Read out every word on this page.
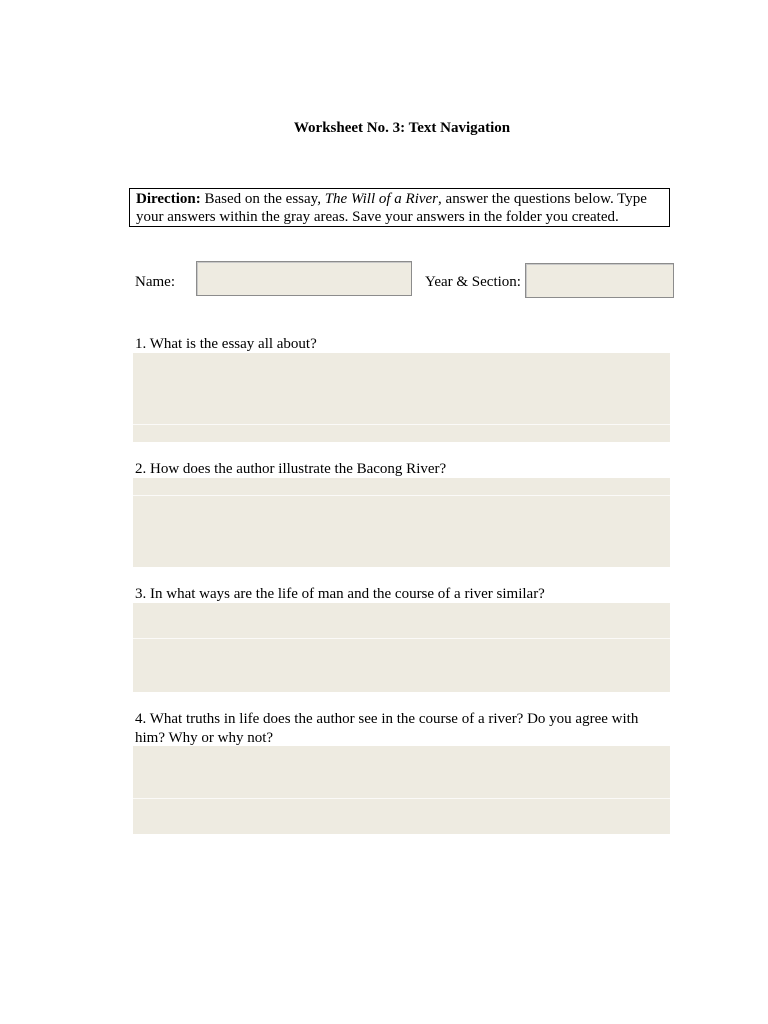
Worksheet No. 3: Text Navigation
Direction: Based on the essay, The Will of a River, answer the questions below. Type your answers within the gray areas. Save your answers in the folder you created.
Name:	Year & Section:
1. What is the essay all about?
2. How does the author illustrate the Bacong River?
3. In what ways are the life of man and the course of a river similar?
4. What truths in life does the author see in the course of a river? Do you agree with him? Why or why not?
